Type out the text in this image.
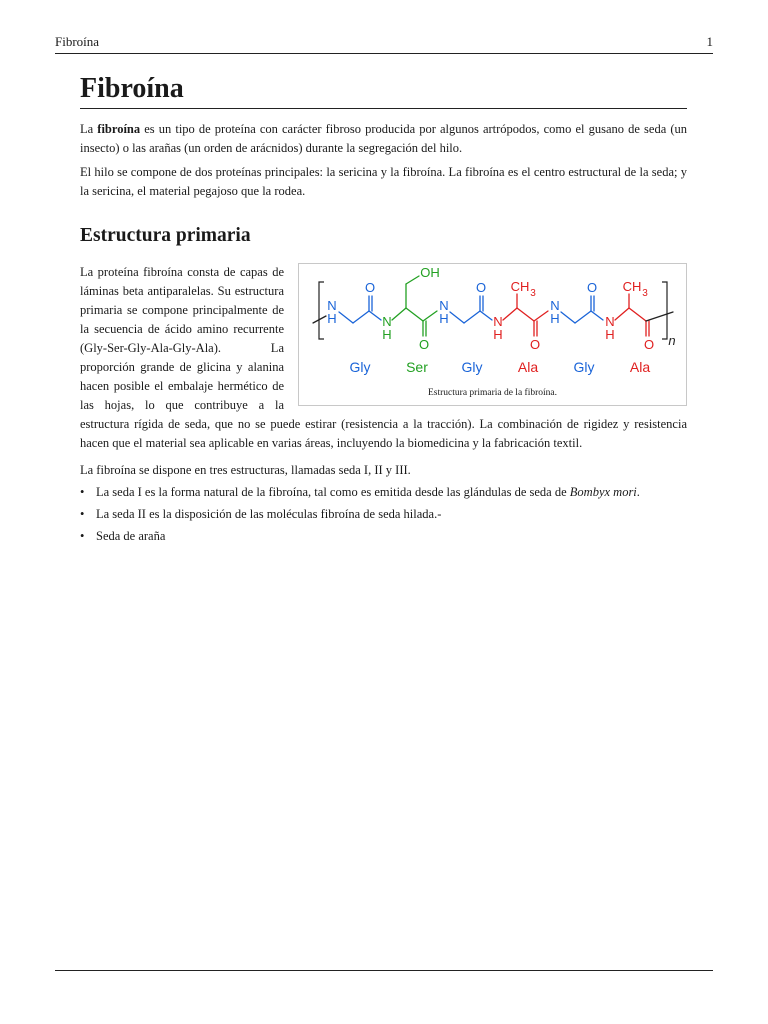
Fibroína	1
Fibroína

La fibroína es un tipo de proteína con carácter fibroso producida por algunos artrópodos, como el gusano de seda (un insecto) o las arañas (un orden de arácnidos) durante la segregación del hilo.

El hilo se compone de dos proteínas principales: la sericina y la fibroína. La fibroína es el centro estructural de la seda; y la sericina, el material pegajoso que la rodea.

Estructura primaria
N
H
O
N
H
OH
O
N
H
O
N
H
CH 3
O
N
H
O
N
H
CH 3
O n
Gly	Ser Gly	Ala	Gly	Ala
Estructura primaria de la fibroína.

La proteína fibroína consta de capas de láminas beta antiparalelas. Su estructura primaria se compone principalmente de la secuencia de ácido amino recurrente (Gly-Ser-Gly-Ala-Gly-Ala). La proporción grande de glicina y alanina hacen posible el embalaje hermético de las hojas, lo que contribuye a la estructura rígida de seda, que no se puede estirar (resistencia a la tracción). La combinación de rigidez y resistencia hacen que el material sea aplicable en varias áreas, incluyendo la biomedicina y la fabricación textil.

La fibroína se dispone en tres estructuras, llamadas seda I, II y III.

• La seda I es la forma natural de la fibroína, tal como es emitida desde las glándulas de seda de Bombyx mori.
• La seda II es la disposición de las moléculas fibroína de seda hilada.-
• Seda de araña
